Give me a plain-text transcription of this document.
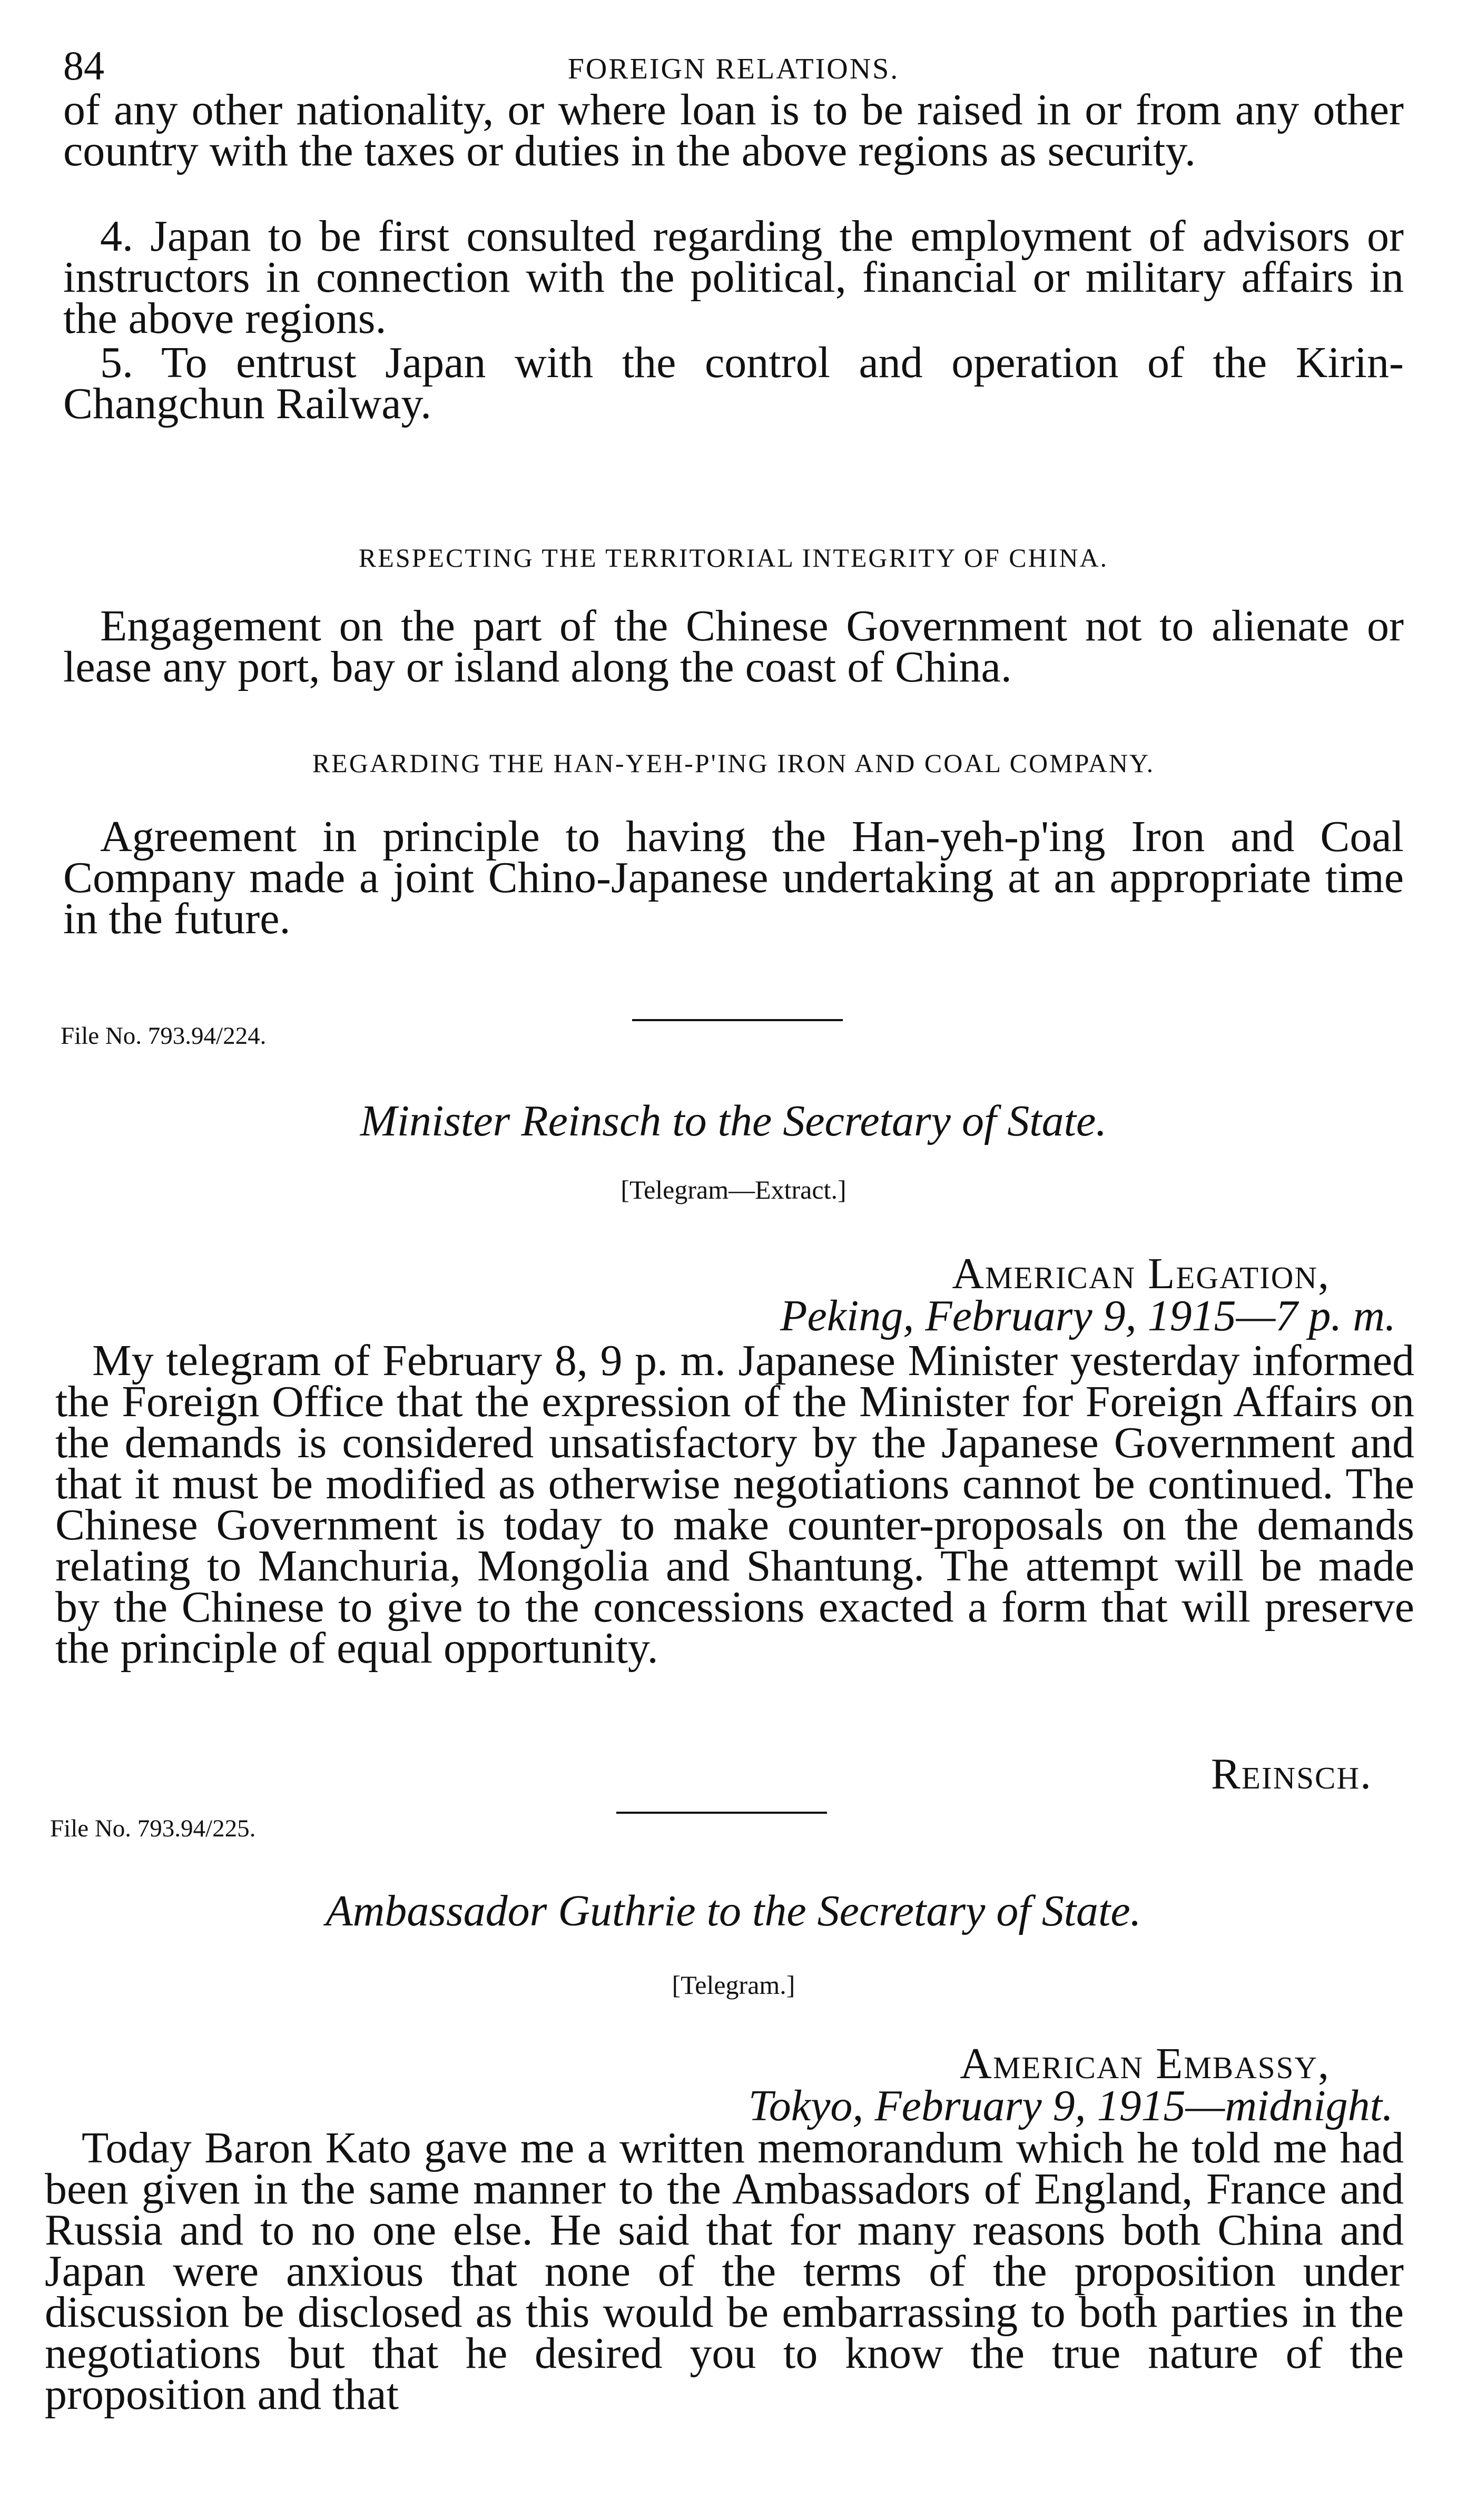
84	FOREIGN RELATIONS.

of any other nationality, or where loan is to be raised in or from any other country with the taxes or duties in the above regions as security.

4. Japan to be first consulted regarding the employment of advisors or instructors in connection with the political, financial or military affairs in the above regions.

5. To entrust Japan with the control and operation of the Kirin-Changchun Railway.

RESPECTING THE TERRITORIAL INTEGRITY OF CHINA.

Engagement on the part of the Chinese Government not to alienate or lease any port, bay or island along the coast of China.

REGARDING THE HAN-YEH-P'ING IRON AND COAL COMPANY.

Agreement in principle to having the Han-yeh-p'ing Iron and Coal Company made a joint Chino-Japanese undertaking at an appropriate time in the future.

File No. 793.94/224.
Minister Reinsch to the Secretary of State.
[Telegram—Extract.]
American Legation,
Peking, February 9, 1915—7 p. m.

My telegram of February 8, 9 p. m. Japanese Minister yesterday informed the Foreign Office that the expression of the Minister for Foreign Affairs on the demands is considered unsatisfactory by the Japanese Government and that it must be modified as otherwise negotiations cannot be continued. The Chinese Government is today to make counter-proposals on the demands relating to Manchuria, Mongolia and Shantung. The attempt will be made by the Chinese to give to the concessions exacted a form that will preserve the principle of equal opportunity.

Reinsch.
File No. 793.94/225.
Ambassador Guthrie to the Secretary of State.
[Telegram.]
American Embassy,
Tokyo, February 9, 1915—midnight.

Today Baron Kato gave me a written memorandum which he told me had been given in the same manner to the Ambassadors of England, France and Russia and to no one else. He said that for many reasons both China and Japan were anxious that none of the terms of the proposition under discussion be disclosed as this would be embarrassing to both parties in the negotiations but that he desired you to know the true nature of the proposition and that
